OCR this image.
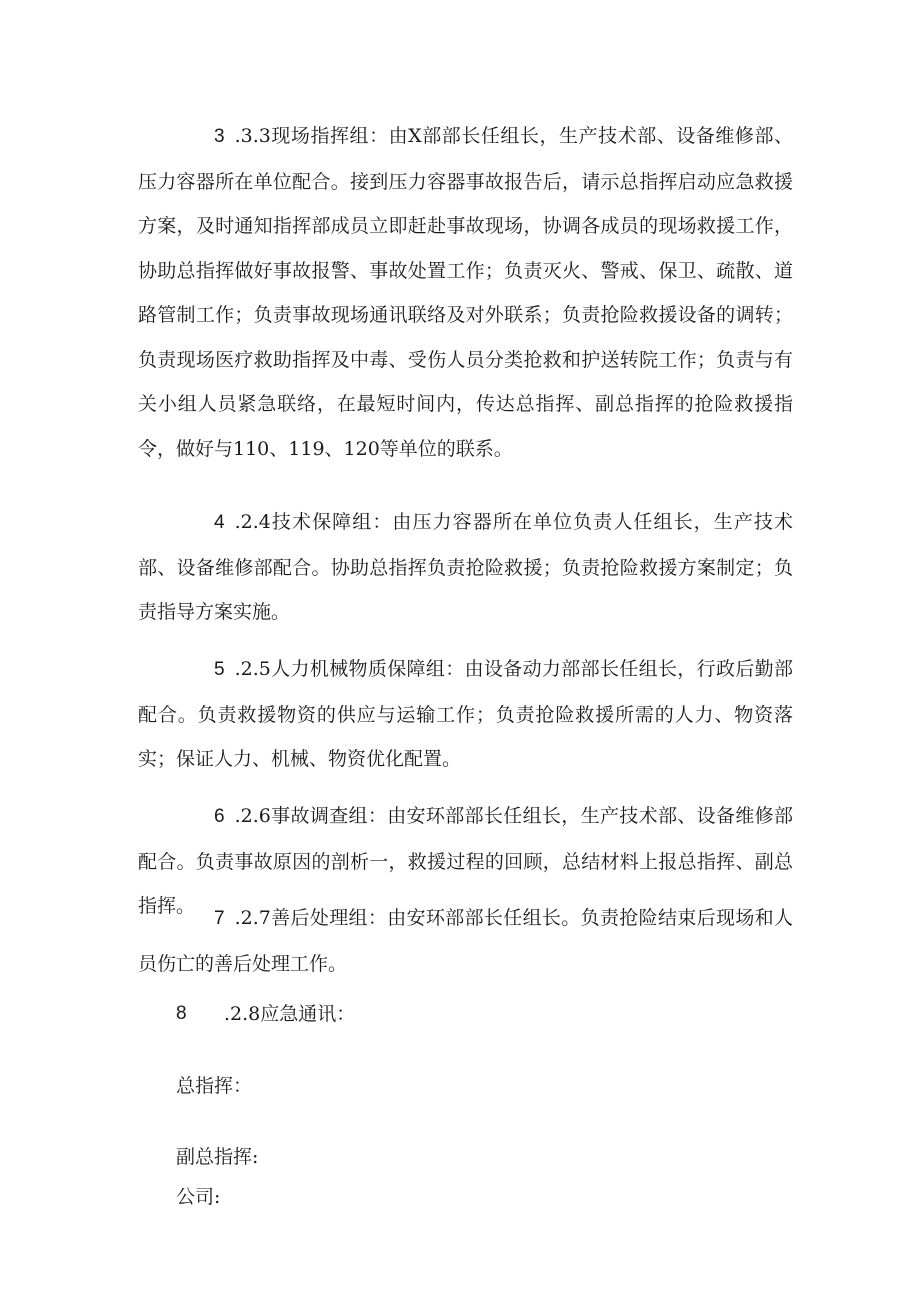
3 .3.3现场指挥组：由X部部长任组长，生产技术部、设备维修部、压力容器所在单位配合。接到压力容器事故报告后，请示总指挥启动应急救援方案，及时通知指挥部成员立即赶赴事故现场，协调各成员的现场救援工作，协助总指挥做好事故报警、事故处置工作；负责灭火、警戒、保卫、疏散、道路管制工作；负责事故现场通讯联络及对外联系；负责抢险救援设备的调转；负责现场医疗救助指挥及中毒、受伤人员分类抢救和护送转院工作；负责与有关小组人员紧急联络，在最短时间内，传达总指挥、副总指挥的抢险救援指令，做好与110、119、120等单位的联系。

4 .2.4技术保障组：由压力容器所在单位负责人任组长，生产技术部、设备维修部配合。协助总指挥负责抢险救援；负责抢险救援方案制定；负责指导方案实施。

5 .2.5人力机械物质保障组：由设备动力部部长任组长，行政后勤部配合。负责救援物资的供应与运输工作；负责抢险救援所需的人力、物资落实；保证人力、机械、物资优化配置。

6 .2.6事故调查组：由安环部部长任组长，生产技术部、设备维修部配合。负责事故原因的剖析一，救援过程的回顾，总结材料上报总指挥、副总指挥。

7 .2.7善后处理组：由安环部部长任组长。负责抢险结束后现场和人员伤亡的善后处理工作。

8 .2.8应急通讯：

总指挥：

副总指挥:

公司:
